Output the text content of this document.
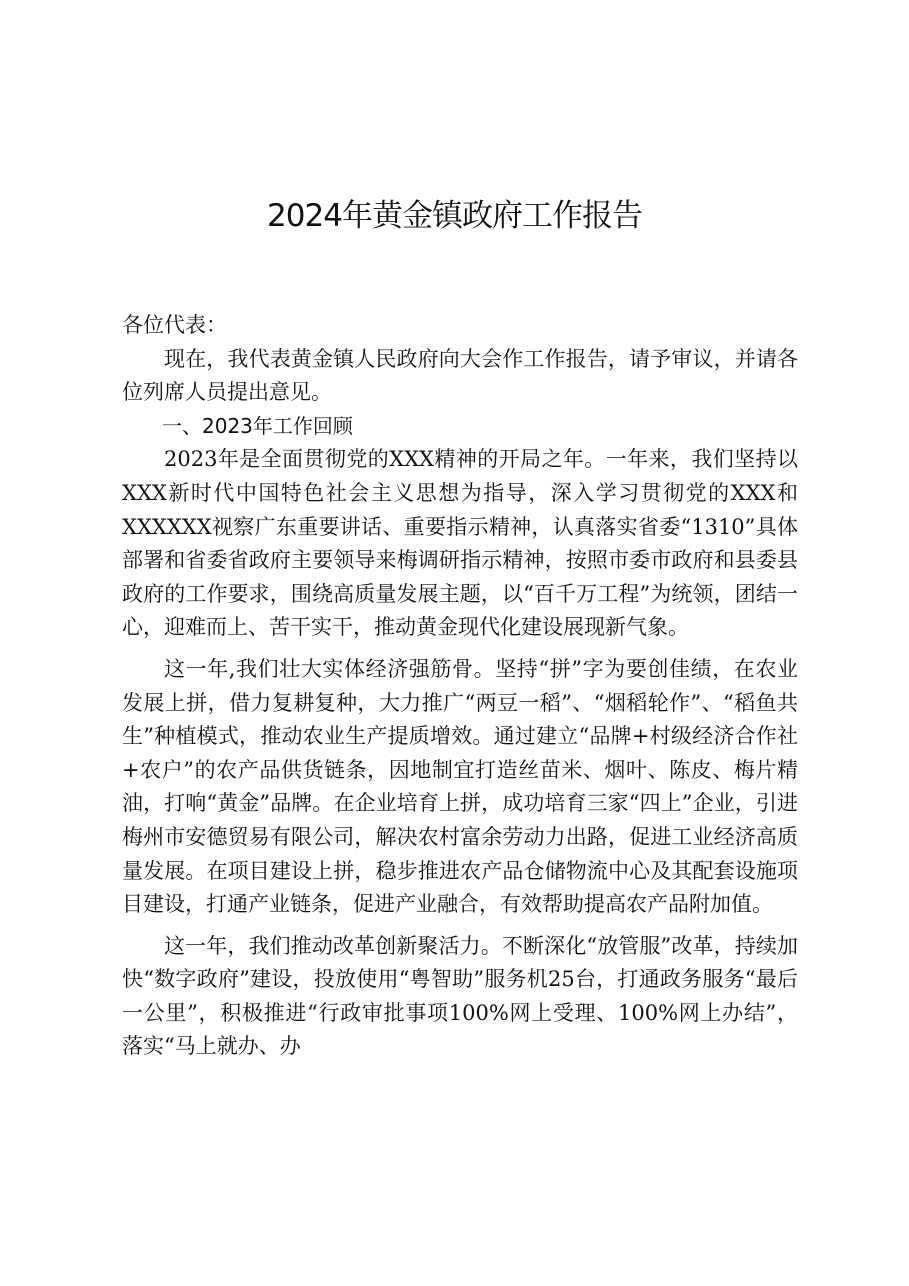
2024年黄金镇政府工作报告

各位代表：

现在，我代表黄金镇人民政府向大会作工作报告，请予审议，并请各位列席人员提出意见。

一、2023年工作回顾

2023年是全面贯彻党的XXX精神的开局之年。一年来，我们坚持以XXX新时代中国特色社会主义思想为指导，深入学习贯彻党的XXX和XXXXXX视察广东重要讲话、重要指示精神，认真落实省委“1310”具体部署和省委省政府主要领导来梅调研指示精神，按照市委市政府和县委县政府的工作要求，围绕高质量发展主题，以“百千万工程”为统领，团结一心，迎难而上、苦干实干，推动黄金现代化建设展现新气象。

这一年,我们壮大实体经济强筋骨。坚持“拼”字为要创佳绩，在农业发展上拼，借力复耕复种，大力推广“两豆一稻”、“烟稻轮作”、“稻鱼共生”种植模式，推动农业生产提质增效。通过建立“品牌+村级经济合作社+农户”的农产品供货链条，因地制宜打造丝苗米、烟叶、陈皮、梅片精油，打响“黄金”品牌。在企业培育上拼，成功培育三家“四上”企业，引进梅州市安德贸易有限公司，解决农村富余劳动力出路，促进工业经济高质量发展。在项目建设上拼，稳步推进农产品仓储物流中心及其配套设施项目建设，打通产业链条，促进产业融合，有效帮助提高农产品附加值。

这一年，我们推动改革创新聚活力。不断深化“放管服”改革，持续加快“数字政府”建设，投放使用“粤智助”服务机25台，打通政务服务“最后一公里”，积极推进“行政审批事项100%网上受理、100%网上办结”，落实“马上就办、办
